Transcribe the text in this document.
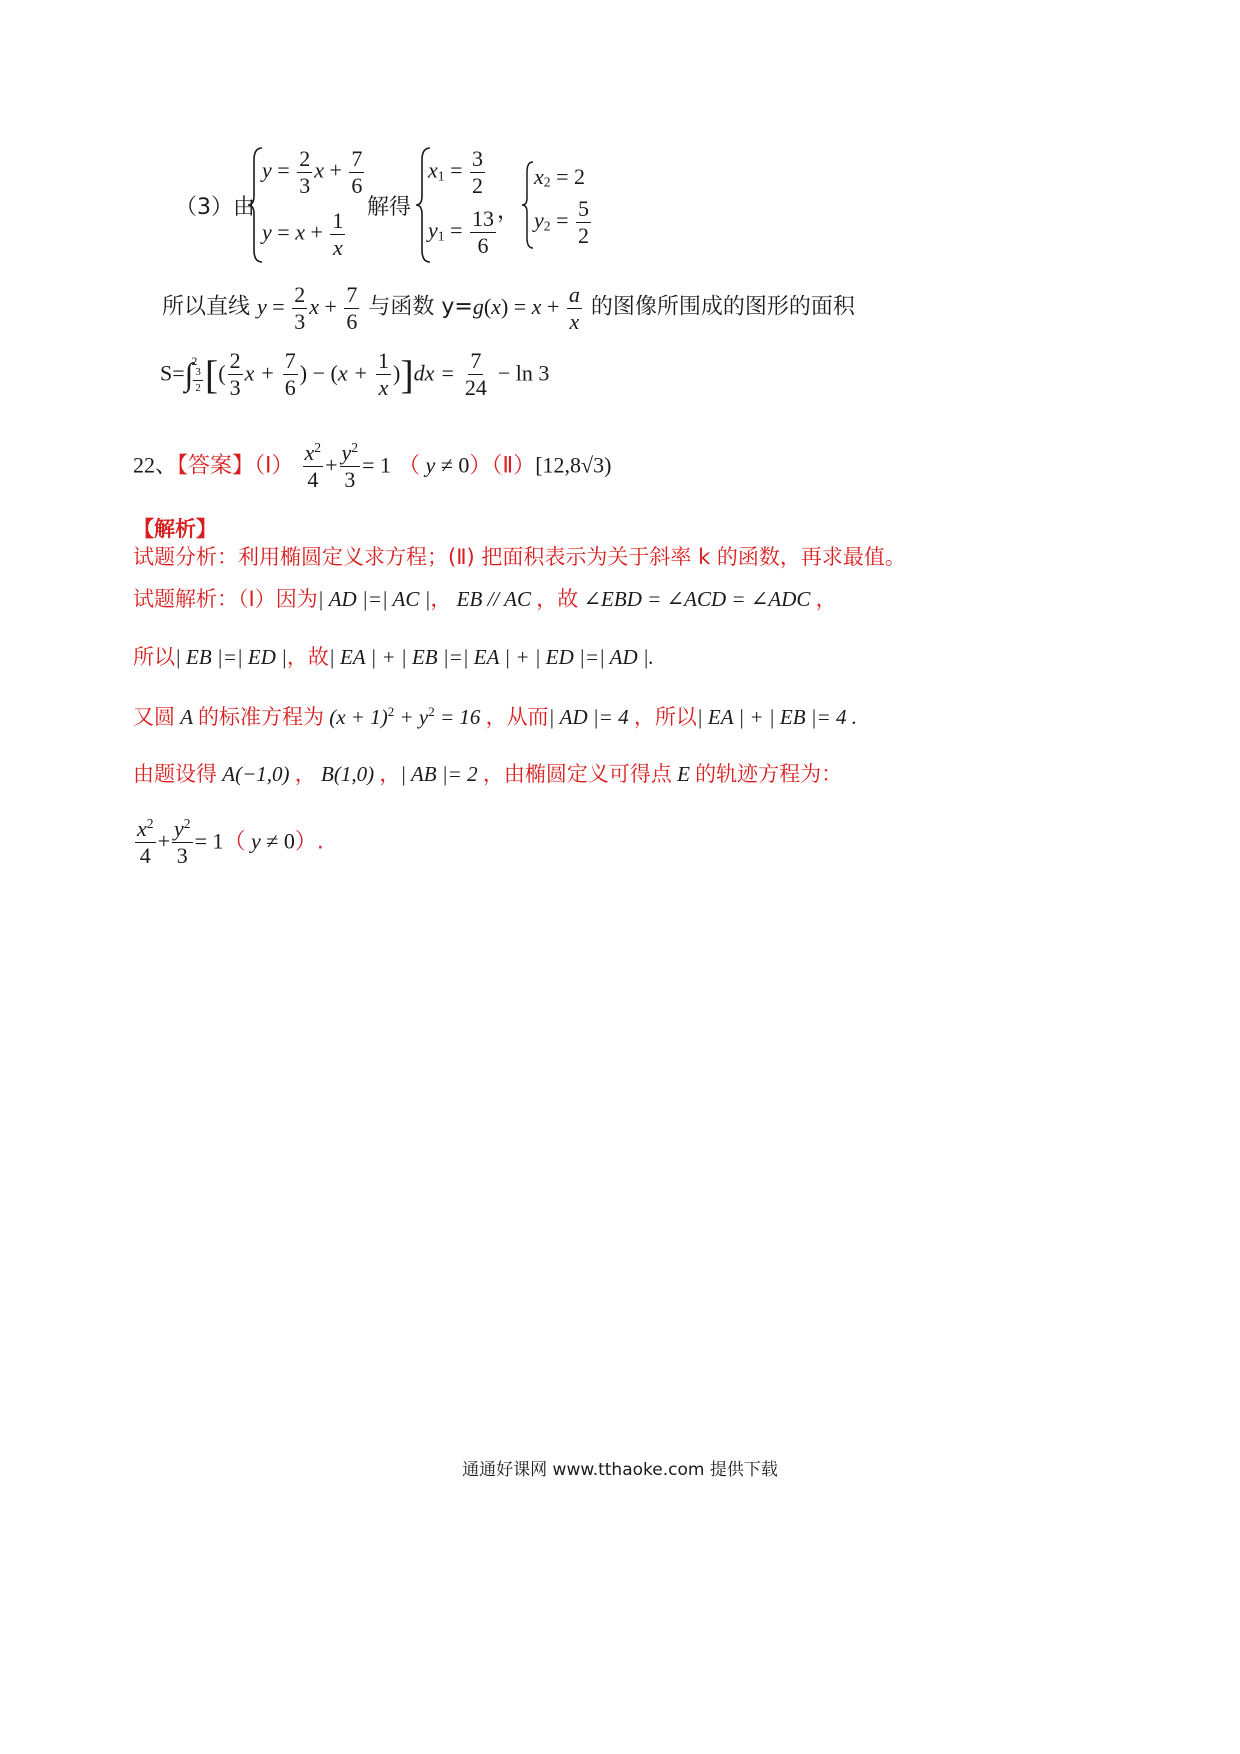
（3）由
$y = \frac{2}{3}$ $x + \frac{7}{6}$
$y = x + \frac{1}{x}$
解得
$x_1 = \frac{3}{2}$
$y_1 = \frac{13}{6}$ ，
$x_2 = 2$
$y_2 = \frac{5}{2}$
所以直线 $y = \frac{2}{3}$ $x + \frac{7}{6}$ 与函数 $y=g(x) = x + \frac{a}{x}$ 的图像所围成的图形的面积
S=∫
2
$\frac{3}{2}$ [( $\frac{2}{3}$ $x + \frac{7}{6}$ ) − $(x + \frac{1}{x} )]dx = \frac{7}{24} - \ln 3$
22、【答案】（Ⅰ） $\frac{x^2}{4} + \frac{y^2}{3} = 1$ （ y ≠ 0）（Ⅱ）[12,8√3)
【解析】
试题分析：利用椭圆定义求方程；(Ⅱ) 把面积表示为关于斜率 k 的函数，再求最值。
试题解析：（Ⅰ）因为| AD |=| AC |， EB // AC ，故 ∠EBD = ∠ACD = ∠ADC ，
所以| EB |=| ED |，故| EA | + | EB |=| EA | + | ED |=| AD |.
又圆 A 的标准方程为 $(x + 1)^2 + y^2 = 16$ ，从而| AD |= 4 ，所以| EA | + | EB |= 4 .
由题设得 A(−1,0) ， B(1,0) ，| AB |= 2 ，由椭圆定义可得点 E 的轨迹方程为：
$\frac{x^2}{4} + \frac{y^2}{3} = 1$（ y ≠ 0）.
通通好课网 www.tthaoke.com 提供下载
